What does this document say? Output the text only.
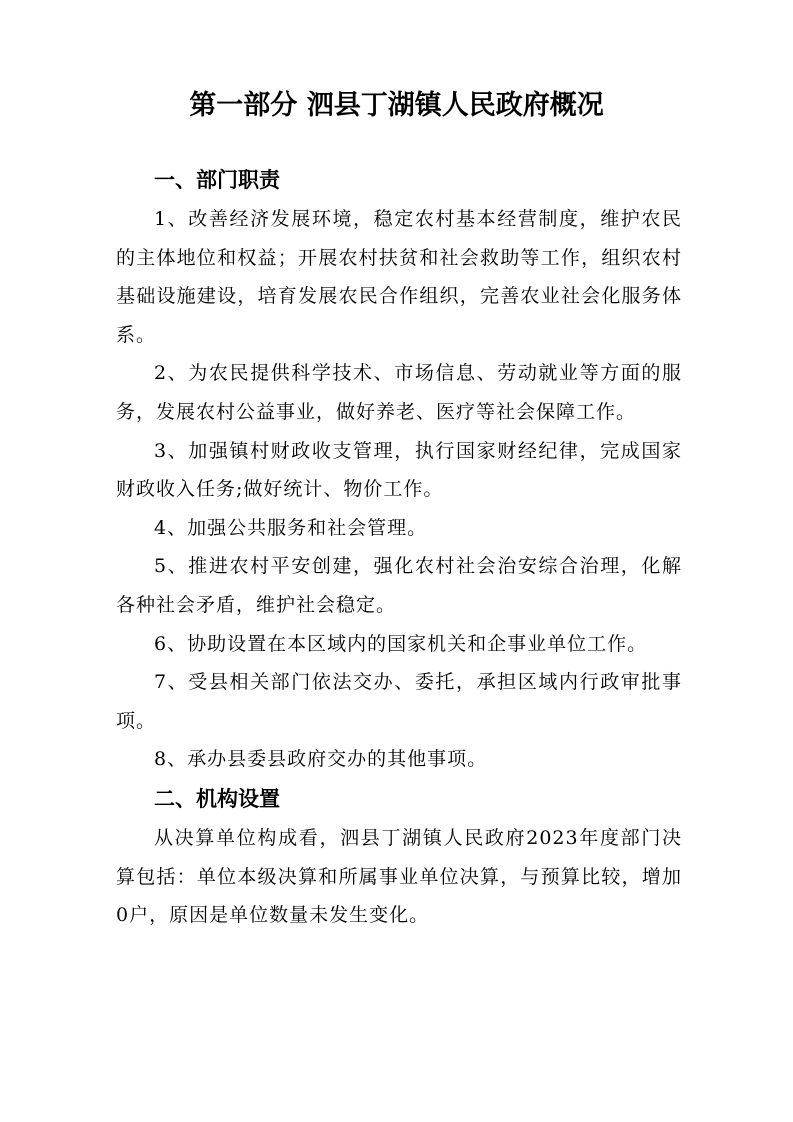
第一部分 泗县丁湖镇人民政府概况
一、部门职责

1、改善经济发展环境，稳定农村基本经营制度，维护农民的主体地位和权益；开展农村扶贫和社会救助等工作，组织农村基础设施建设，培育发展农民合作组织，完善农业社会化服务体系。

2、为农民提供科学技术、市场信息、劳动就业等方面的服务，发展农村公益事业，做好养老、医疗等社会保障工作。

3、加强镇村财政收支管理，执行国家财经纪律，完成国家财政收入任务;做好统计、物价工作。

4、加强公共服务和社会管理。

5、推进农村平安创建，强化农村社会治安综合治理，化解各种社会矛盾，维护社会稳定。

6、协助设置在本区域内的国家机关和企事业单位工作。

7、受县相关部门依法交办、委托，承担区域内行政审批事项。

8、承办县委县政府交办的其他事项。

二、机构设置

从决算单位构成看，泗县丁湖镇人民政府2023年度部门决算包括：单位本级决算和所属事业单位决算，与预算比较，增加0户，原因是单位数量未发生变化。
